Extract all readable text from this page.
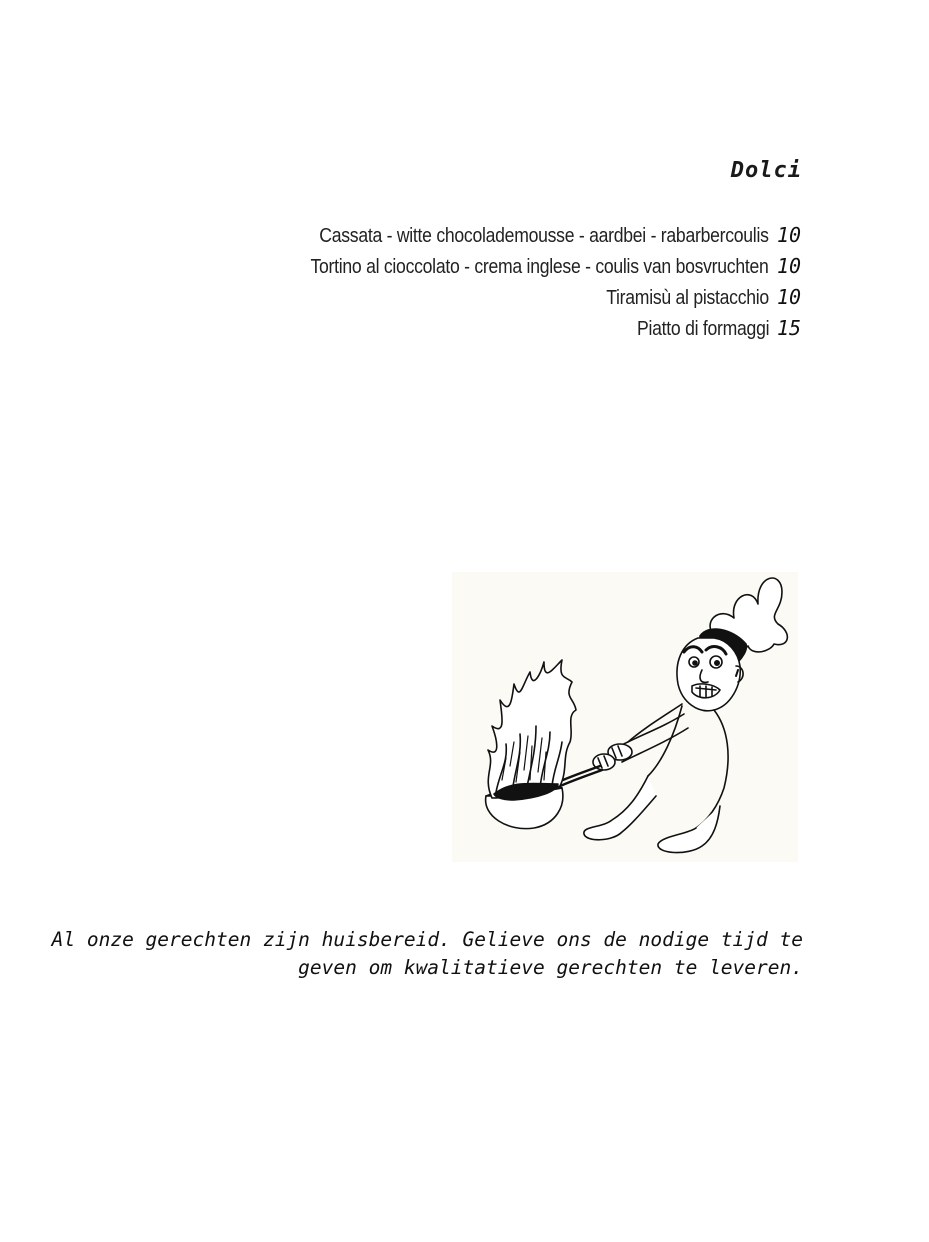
Dolci
Cassata - witte chocolademousse - aardbei - rabarbercoulis 10
Tortino al cioccolato - crema inglese - coulis van bosvruchten 10
Tiramisù al pistacchio 10
Piatto di formaggi 15

Al onze gerechten zijn huisbereid. Gelieve ons de nodige tijd te
geven om kwalitatieve gerechten te leveren.
